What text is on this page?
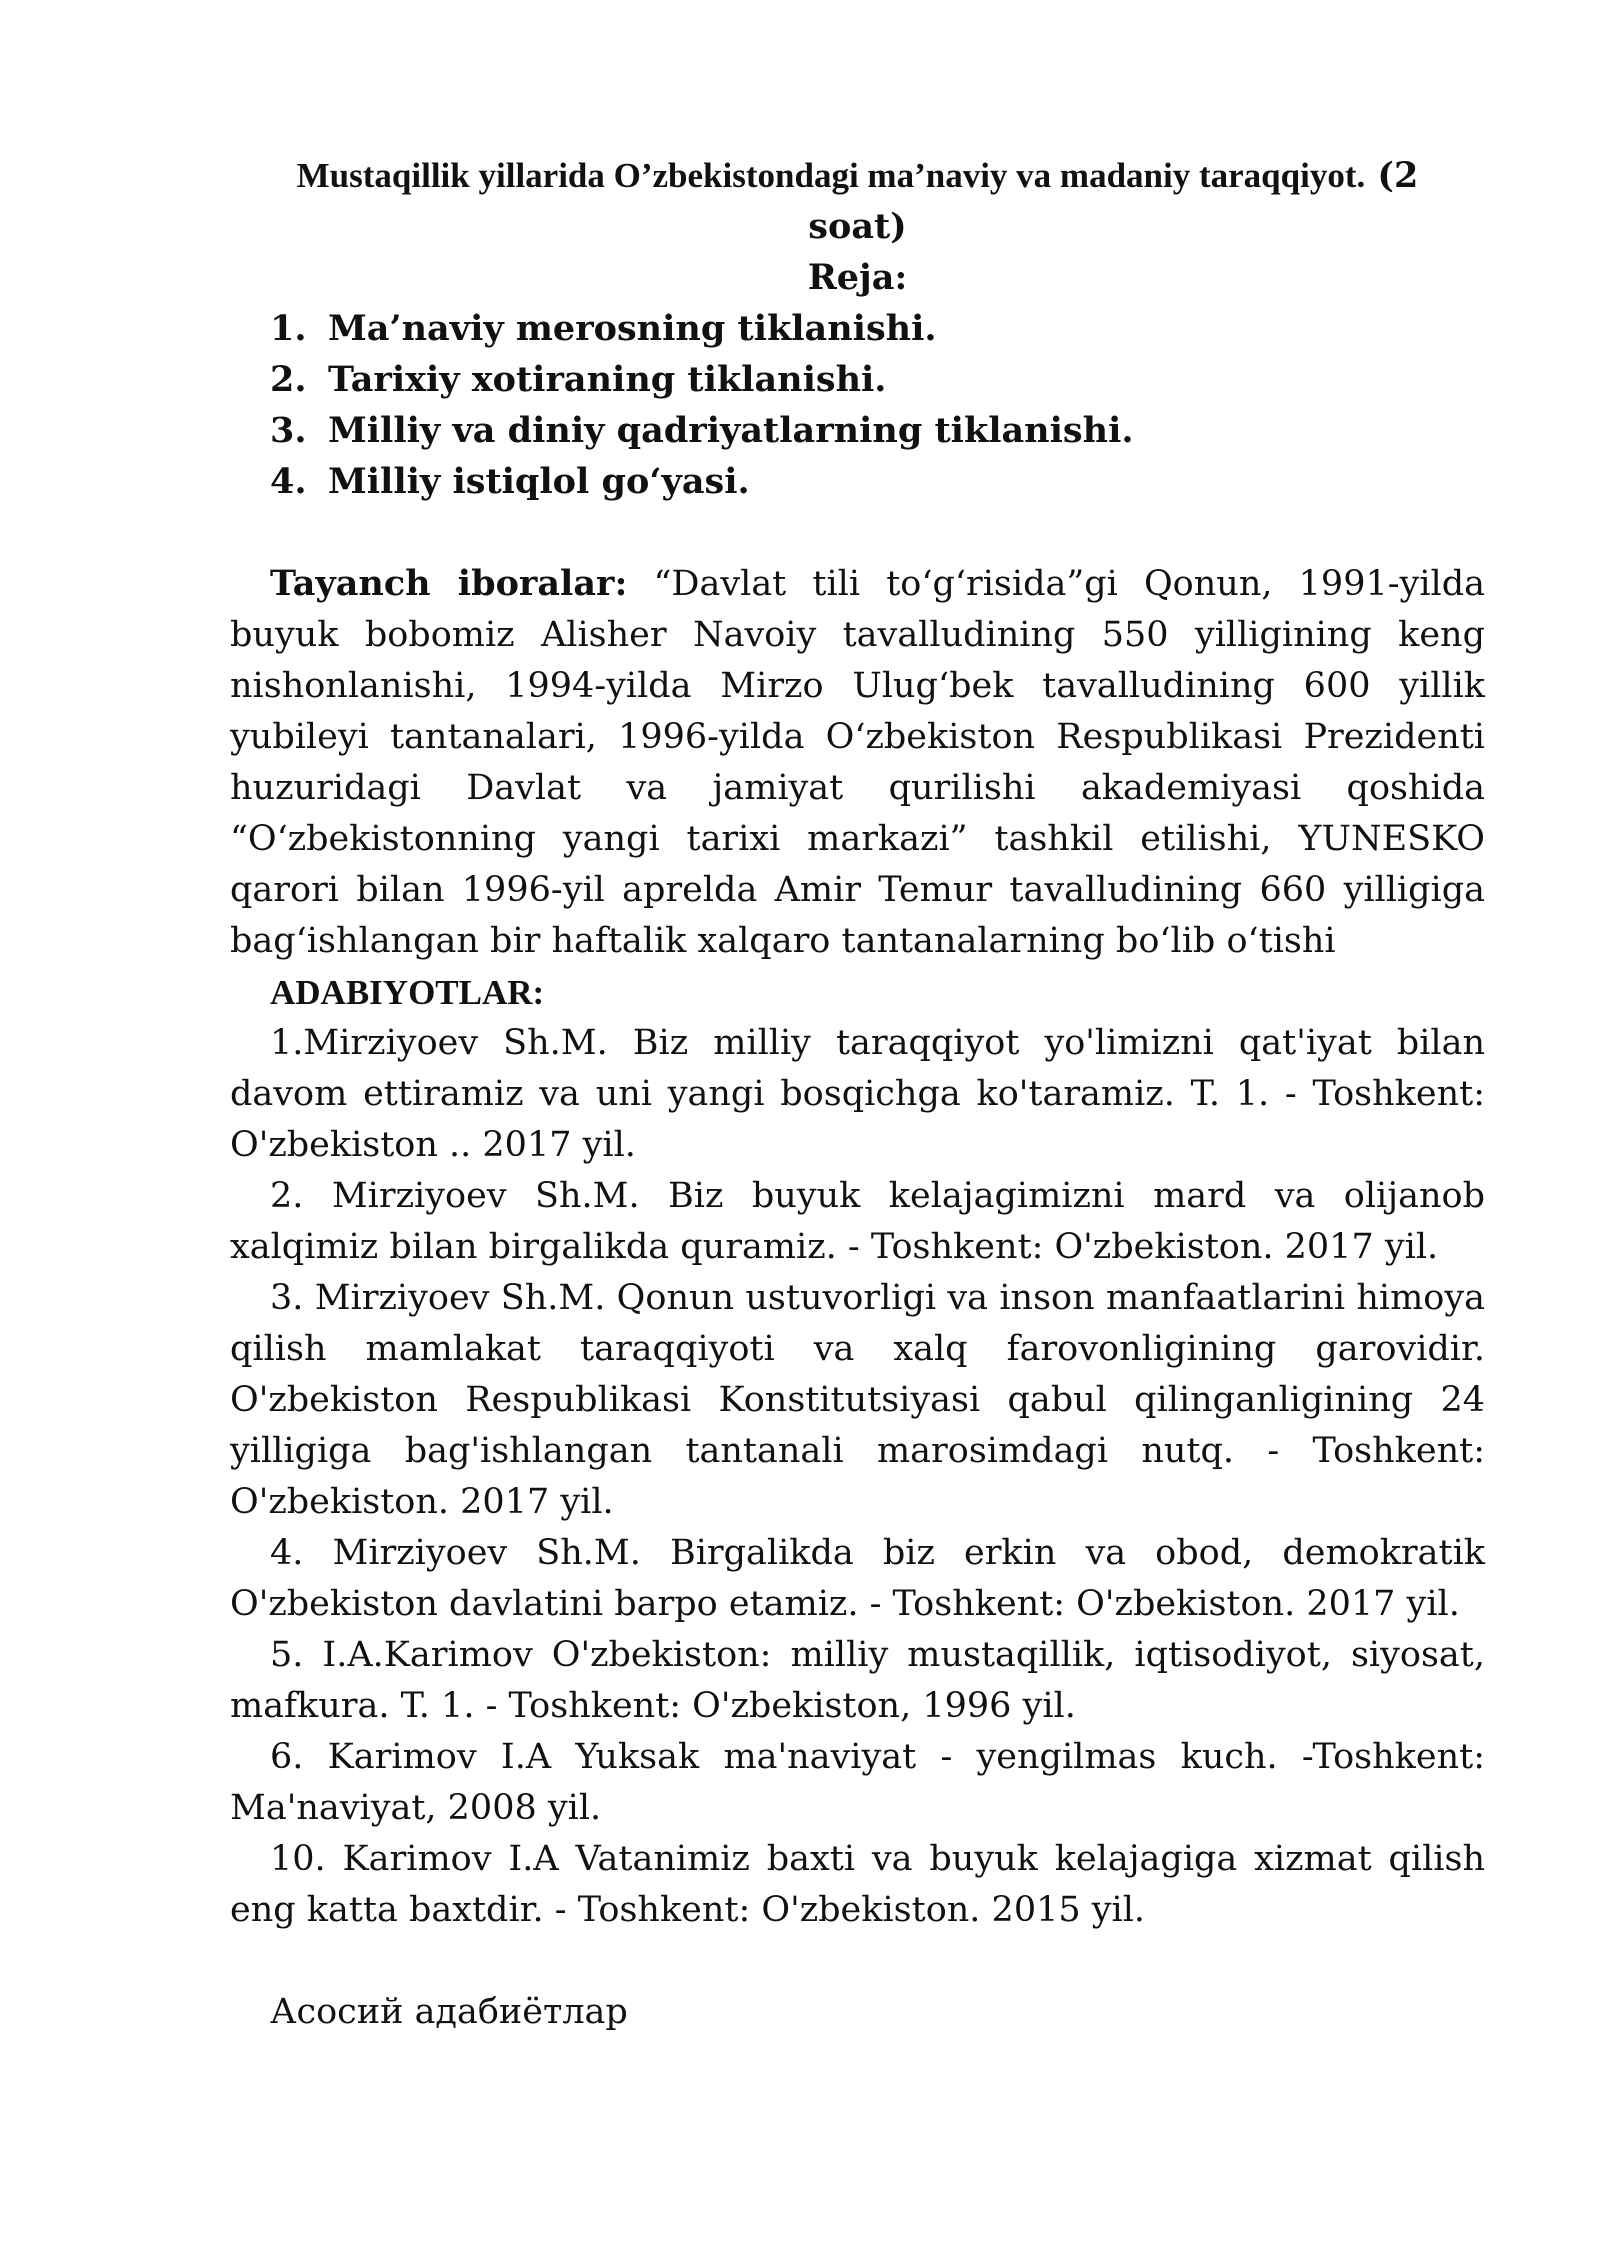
Mustaqillik yillarida O’zbekistondagi ma’naviy va madaniy taraqqiyot. (2
soat)

Reja:

1. Ma’naviy merosning tiklanishi.
2. Tarixiy xotiraning tiklanishi.
3. Milliy va diniy qadriyatlarning tiklanishi.
4. Milliy istiqlol go‘yasi.

Tayanch iboralar: “Davlat tili to‘g‘risida”gi Qonun, 1991-yilda buyuk bobomiz Alisher Navoiy tavalludining 550 yilligining keng nishonlanishi, 1994-yilda Mirzo Ulug‘bek tavalludining 600 yillik yubileyi tantanalari, 1996-yilda O‘zbekiston Respublikasi Prezidenti huzuridagi Davlat va jamiyat qurilishi akademiyasi qoshida “O‘zbekistonning yangi tarixi markazi” tashkil etilishi, YUNESKO qarori bilan 1996-yil aprelda Amir Temur tavalludining 660 yilligiga bag‘ishlangan bir haftalik xalqaro tantanalarning bo‘lib o‘tishi

ADABIYOTLAR:

1.Mirziyoev Sh.M. Biz milliy taraqqiyot yo'limizni qat'iyat bilan davom ettiramiz va uni yangi bosqichga ko'taramiz. T. 1. - Toshkent: O'zbekiston .. 2017 yil.

2. Mirziyoev Sh.M. Biz buyuk kelajagimizni mard va olijanob xalqimiz bilan birgalikda quramiz. - Toshkent: O'zbekiston. 2017 yil.

3. Mirziyoev Sh.M. Qonun ustuvorligi va inson manfaatlarini himoya qilish mamlakat taraqqiyoti va xalq farovonligining garovidir. O'zbekiston Respublikasi Konstitutsiyasi qabul qilinganligining 24 yilligiga bag'ishlangan tantanali marosimdagi nutq. - Toshkent: O'zbekiston. 2017 yil.

4. Mirziyoev Sh.M. Birgalikda biz erkin va obod, demokratik O'zbekiston davlatini barpo etamiz. - Toshkent: O'zbekiston. 2017 yil.

5. I.A.Karimov O'zbekiston: milliy mustaqillik, iqtisodiyot, siyosat, mafkura. T. 1. - Toshkent: O'zbekiston, 1996 yil.

6. Karimov I.A Yuksak ma'naviyat - yengilmas kuch. -Toshkent: Ma'naviyat, 2008 yil.

10. Karimov I.A Vatanimiz baxti va buyuk kelajagiga xizmat qilish eng katta baxtdir. - Toshkent: O'zbekiston. 2015 yil.

Асосий адабиётлар
